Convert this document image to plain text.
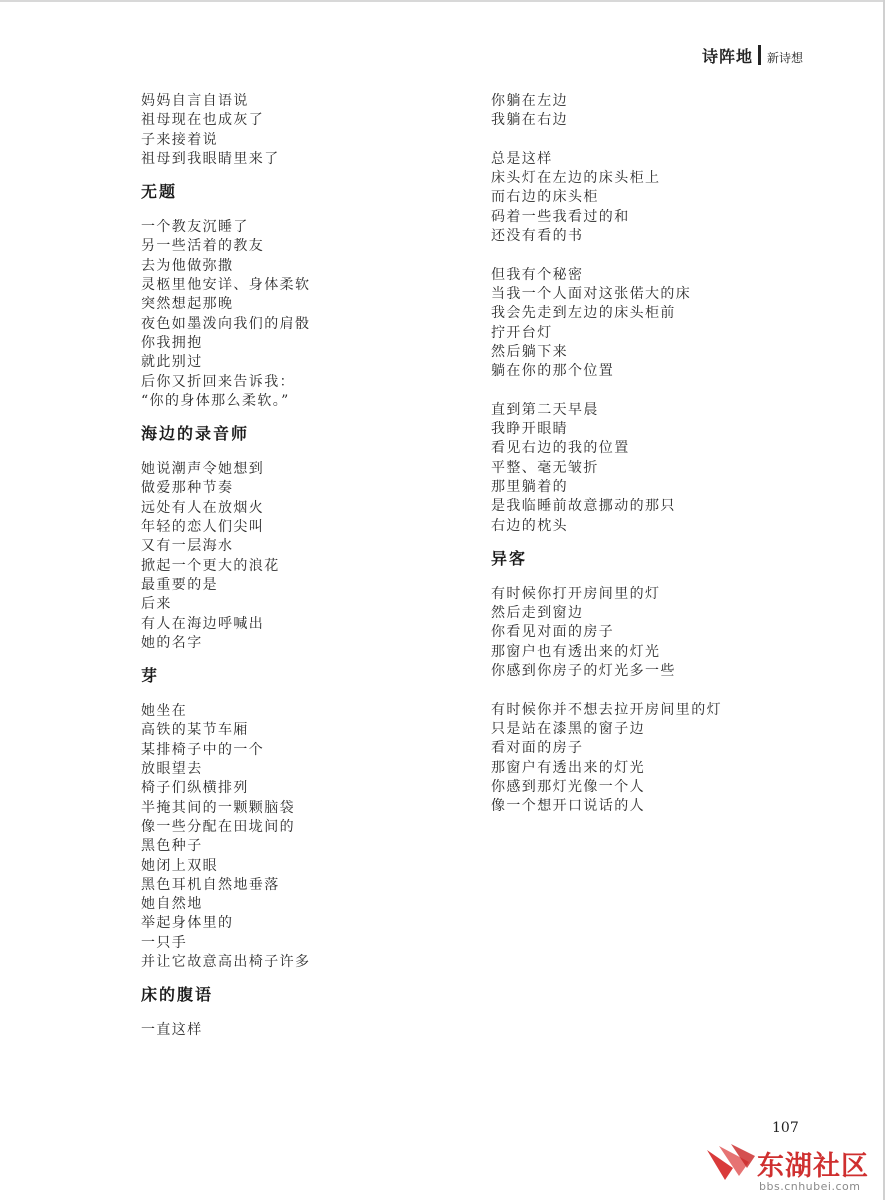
诗阵地 新诗想
妈妈自言自语说
祖母现在也成灰了
子来接着说
祖母到我眼睛里来了
无题
一个教友沉睡了
另一些活着的教友
去为他做弥撒
灵柩里他安详、身体柔软
突然想起那晚
夜色如墨泼向我们的肩骰
你我拥抱
就此别过
后你又折回来告诉我：
“你的身体那么柔软。”
海边的录音师
她说潮声令她想到
做爱那种节奏
远处有人在放烟火
年轻的恋人们尖叫
又有一层海水
掀起一个更大的浪花
最重要的是
后来
有人在海边呼喊出
她的名字
芽
她坐在
高铁的某节车厢
某排椅子中的一个
放眼望去
椅子们纵横排列
半掩其间的一颗颗脑袋
像一些分配在田垅间的
黑色种子
她闭上双眼
黑色耳机自然地垂落
她自然地
举起身体里的
一只手
并让它故意高出椅子许多
床的腹语
一直这样
你躺在左边
我躺在右边
总是这样
床头灯在左边的床头柜上
而右边的床头柜
码着一些我看过的和
还没有看的书
但我有个秘密
当我一个人面对这张偌大的床
我会先走到左边的床头柜前
拧开台灯
然后躺下来
躺在你的那个位置
直到第二天早晨
我睁开眼睛
看见右边的我的位置
平整、毫无皱折
那里躺着的
是我临睡前故意挪动的那只
右边的枕头
异客
有时候你打开房间里的灯
然后走到窗边
你看见对面的房子
那窗户也有透出来的灯光
你感到你房子的灯光多一些
有时候你并不想去拉开房间里的灯
只是站在漆黑的窗子边
看对面的房子
那窗户有透出来的灯光
你感到那灯光像一个人
像一个想开口说话的人
107
东湖社区
bbs.cnhubei.com
